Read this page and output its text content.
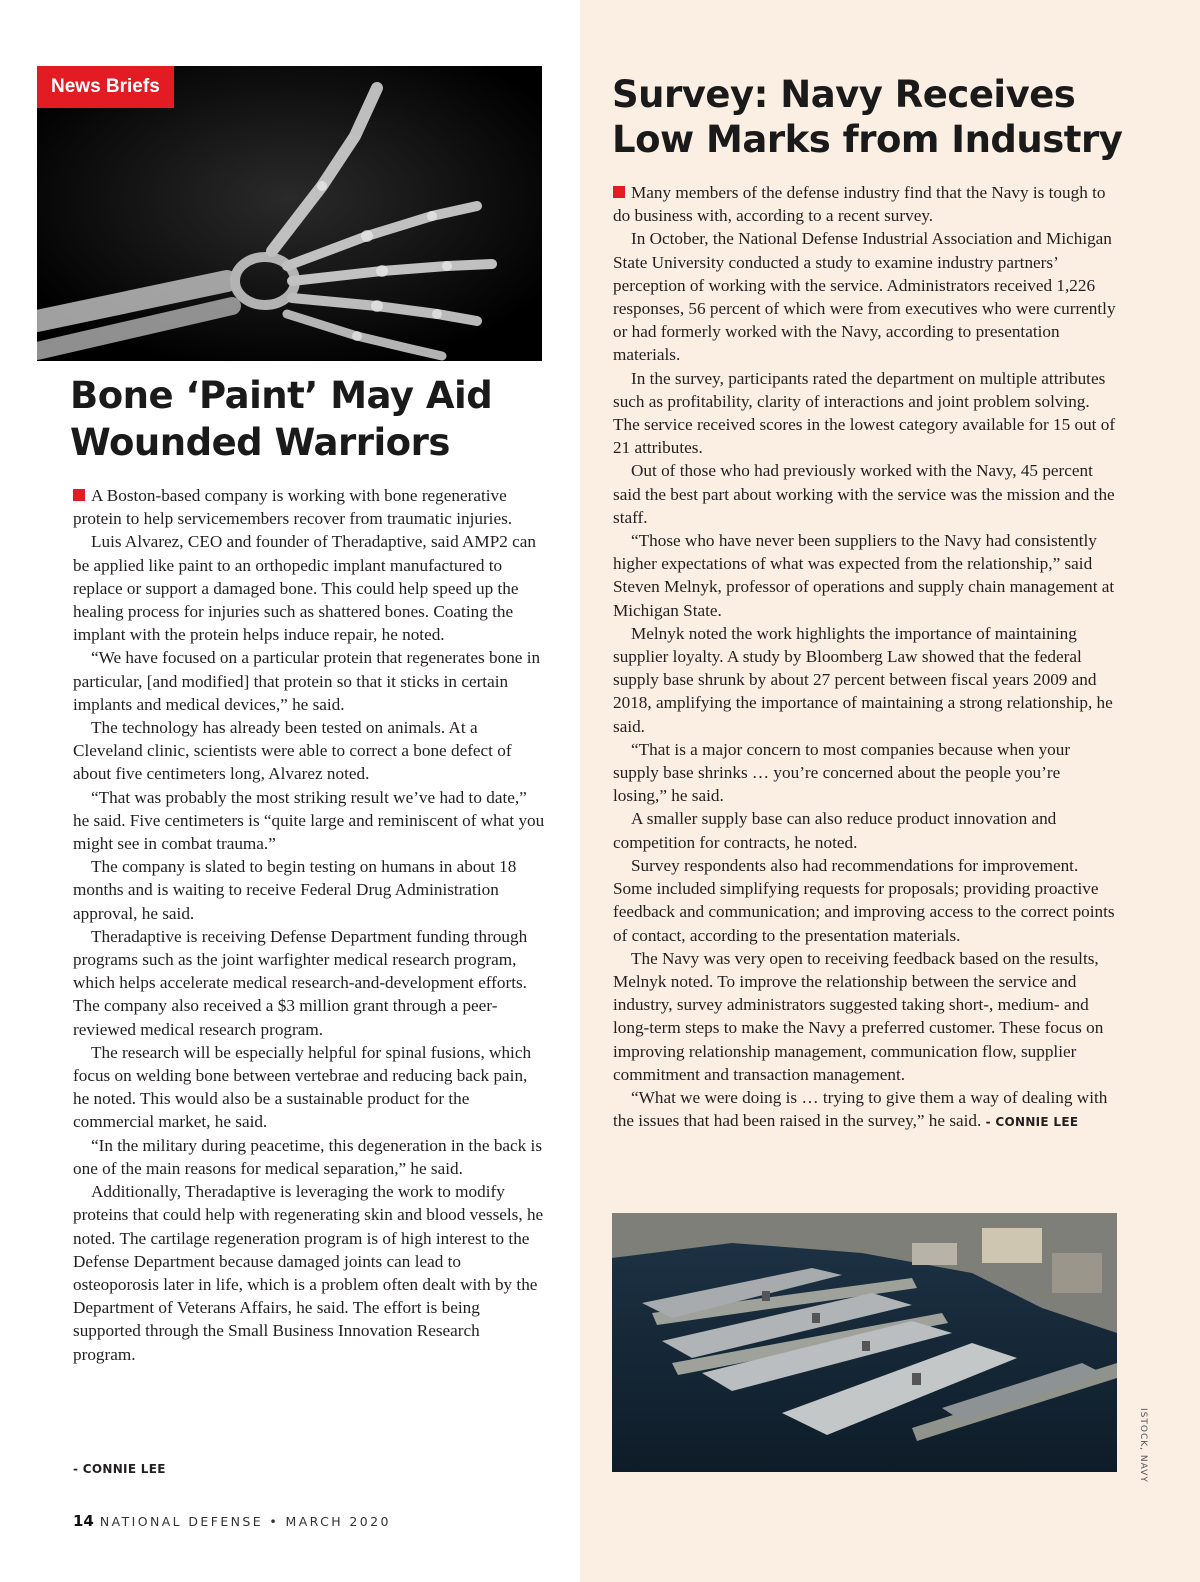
News Briefs
Bone ‘Paint’ May Aid
Wounded Warriors

A Boston-based company is working with bone regenerative protein to help servicemembers recover from traumatic injuries.

Luis Alvarez, CEO and founder of Theradaptive, said AMP2 can be applied like paint to an orthopedic implant manufactured to replace or support a damaged bone. This could help speed up the healing process for injuries such as shattered bones. Coating the implant with the protein helps induce repair, he noted.

“We have focused on a particular protein that regenerates bone in particular, [and modified] that protein so that it sticks in certain implants and medical devices,” he said.

The technology has already been tested on animals. At a Cleveland clinic, scientists were able to correct a bone defect of about five centimeters long, Alvarez noted.

“That was probably the most striking result we’ve had to date,” he said. Five centimeters is “quite large and reminiscent of what you might see in combat trauma.”

The company is slated to begin testing on humans in about 18 months and is waiting to receive Federal Drug Administration approval, he said.

Theradaptive is receiving Defense Department funding through programs such as the joint warfighter medical research program, which helps accelerate medical research-and-development efforts. The company also received a $3 million grant through a peer-reviewed medical research program.

The research will be especially helpful for spinal fusions, which focus on welding bone between vertebrae and reducing back pain, he noted. This would also be a sustainable product for the commercial market, he said.

“In the military during peacetime, this degeneration in the back is one of the main reasons for medical separation,” he said.

Additionally, Theradaptive is leveraging the work to modify proteins that could help with regenerating skin and blood vessels, he noted. The cartilage regeneration program is of high interest to the Defense Department because damaged joints can lead to osteoporosis later in life, which is a problem often dealt with by the Department of Veterans Affairs, he said. The effort is being supported through the Small Business Innovation Research program.

- CONNIE LEE
Survey: Navy Receives
Low Marks from Industry

Many members of the defense industry find that the Navy is tough to do business with, according to a recent survey.

In October, the National Defense Industrial Association and Michigan State University conducted a study to examine industry partners’ perception of working with the service. Administrators received 1,226 responses, 56 percent of which were from executives who were currently or had formerly worked with the Navy, according to presentation materials.

In the survey, participants rated the department on multiple attributes such as profitability, clarity of interactions and joint problem solving. The service received scores in the lowest category available for 15 out of 21 attributes.

Out of those who had previously worked with the Navy, 45 percent said the best part about working with the service was the mission and the staff.

“Those who have never been suppliers to the Navy had consistently higher expectations of what was expected from the relationship,” said Steven Melnyk, professor of operations and supply chain management at Michigan State.

Melnyk noted the work highlights the importance of maintaining supplier loyalty. A study by Bloomberg Law showed that the federal supply base shrunk by about 27 percent between fiscal years 2009 and 2018, amplifying the importance of maintaining a strong relationship, he said.

“That is a major concern to most companies because when your supply base shrinks … you’re concerned about the people you’re losing,” he said.

A smaller supply base can also reduce product innovation and competition for contracts, he noted.

Survey respondents also had recommendations for improvement. Some included simplifying requests for proposals; providing proactive feedback and communication; and improving access to the correct points of contact, according to the presentation materials.

The Navy was very open to receiving feedback based on the results, Melnyk noted. To improve the relationship between the service and industry, survey administrators suggested taking short-, medium- and long-term steps to make the Navy a preferred customer. These focus on improving relationship management, communication flow, supplier commitment and transaction management.

“What we were doing is … trying to give them a way of dealing with the issues that had been raised in the survey,” he said. - CONNIE LEE

ISTOCK, NAVY
14 NATIONAL DEFENSE • MARCH 2020
